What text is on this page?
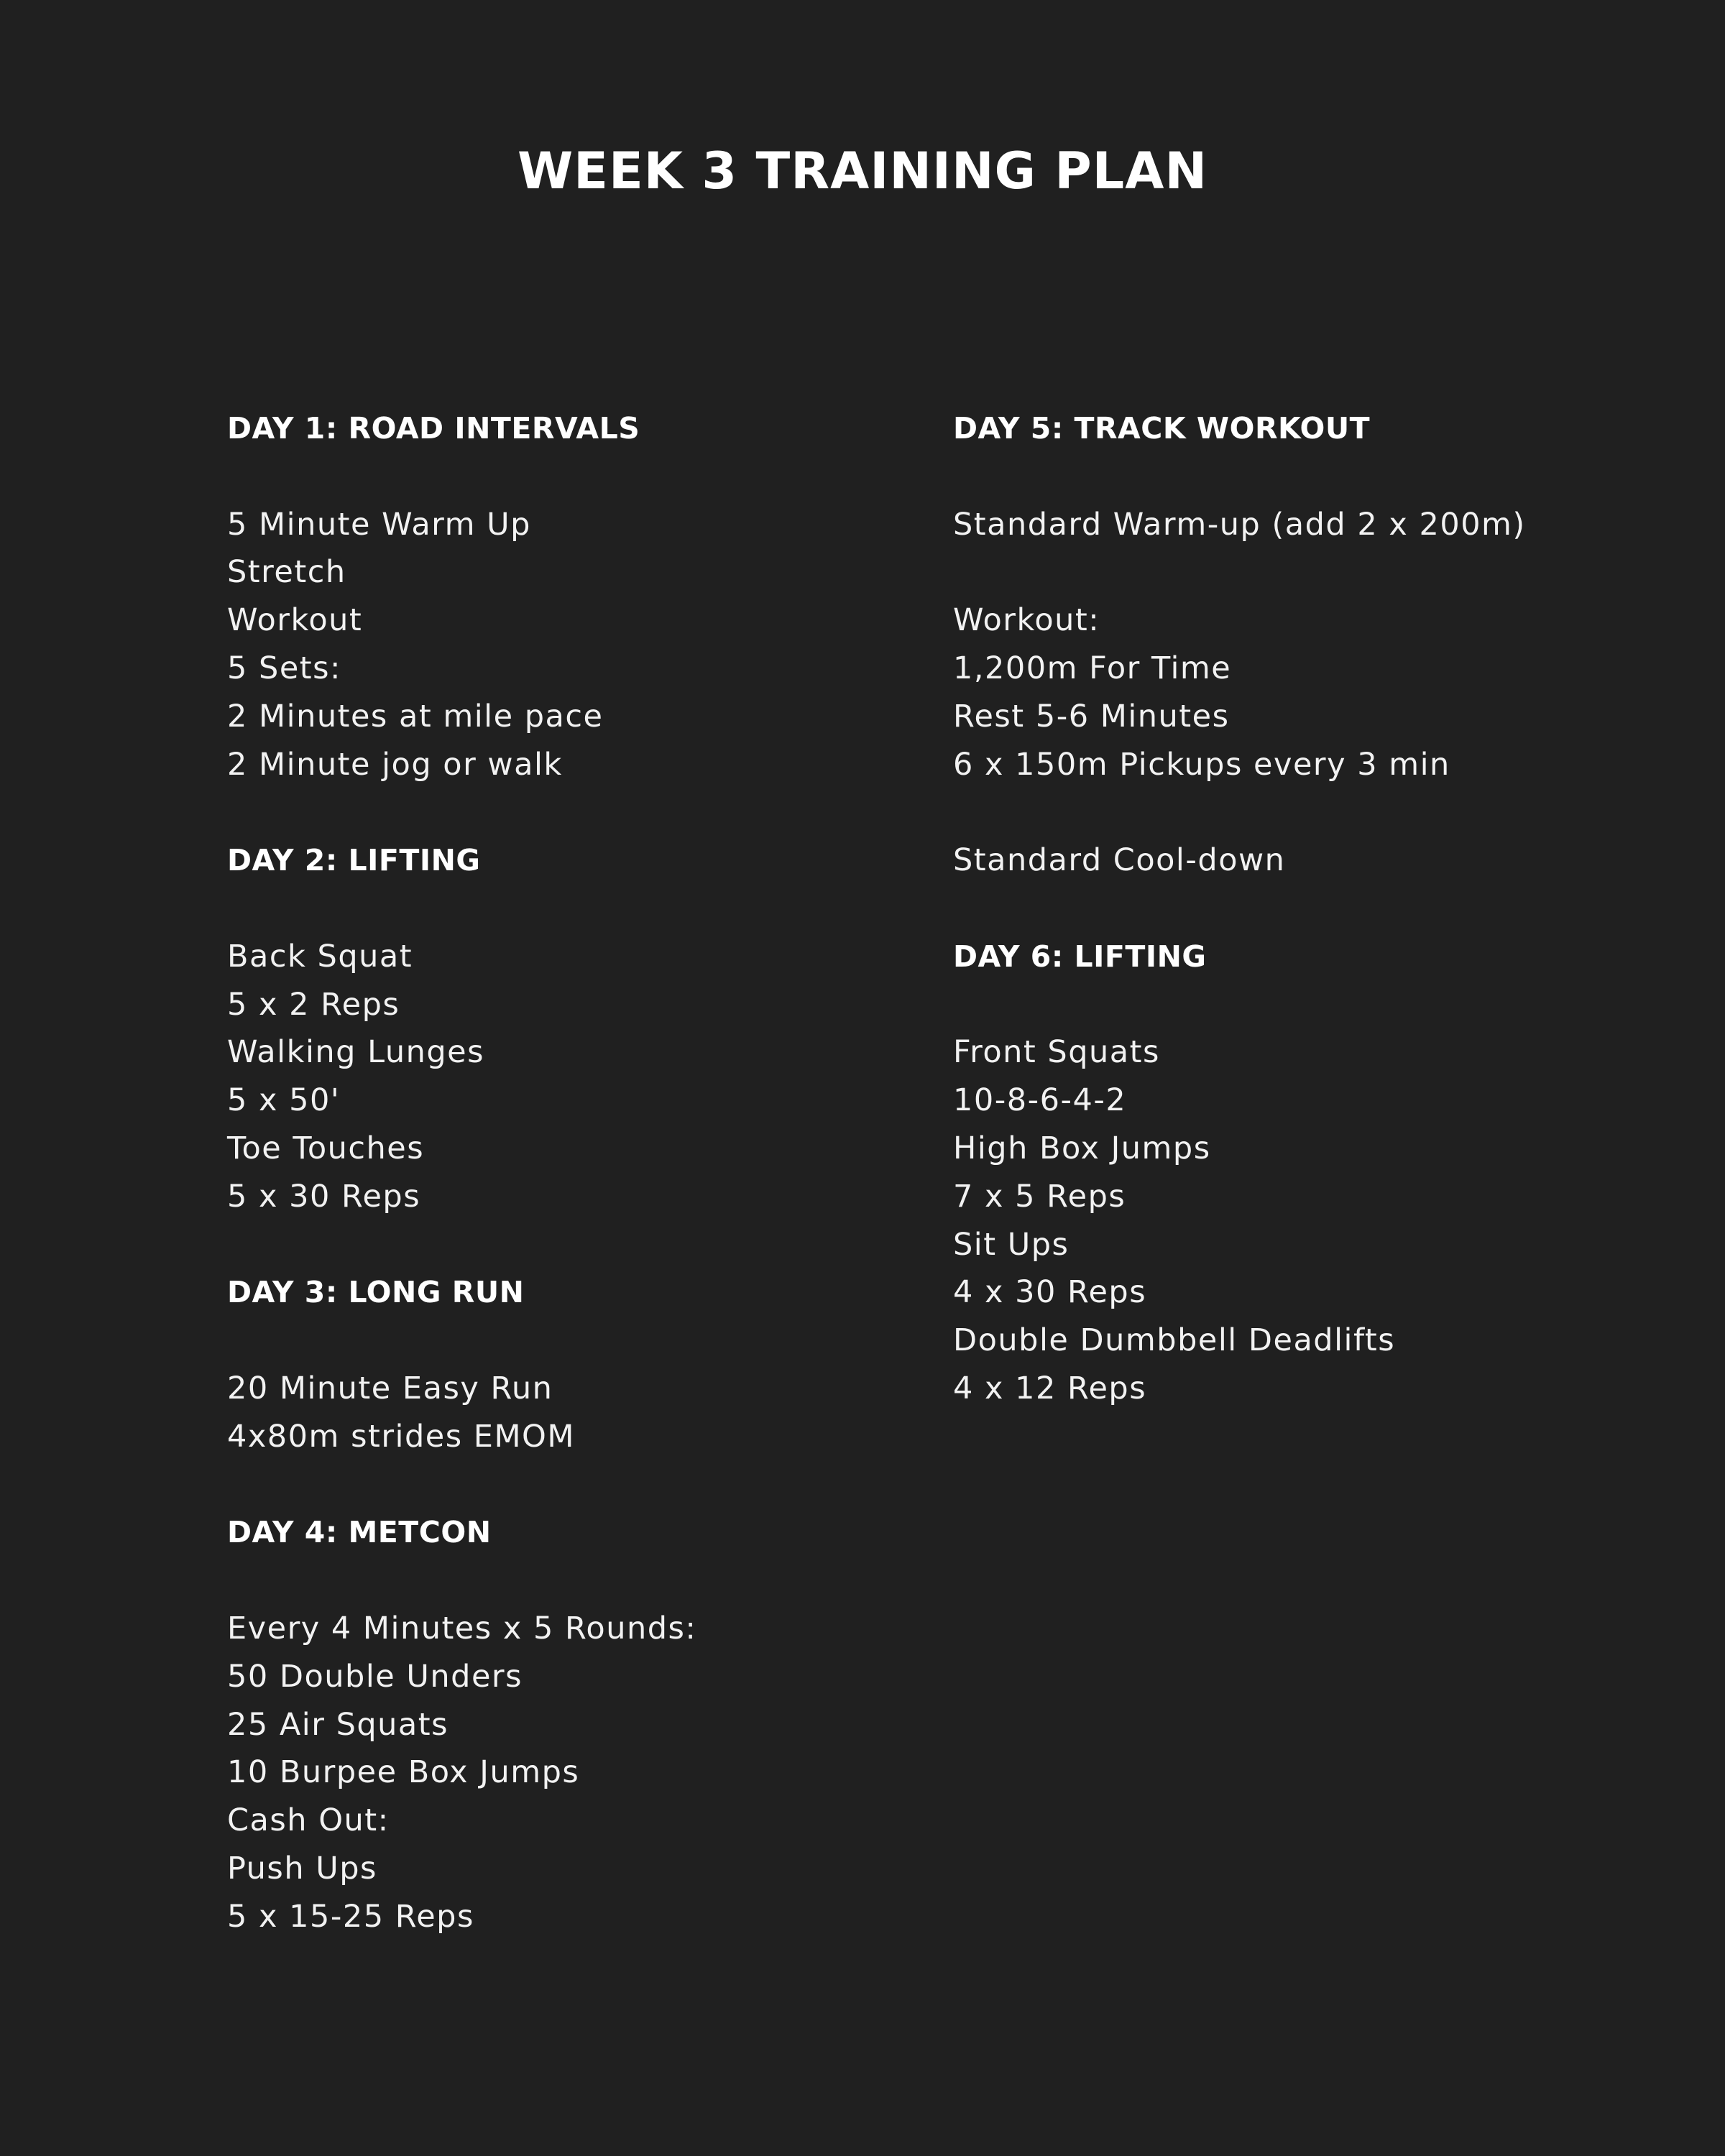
WEEK 3 TRAINING PLAN
DAY 1: ROAD INTERVALS
5 Minute Warm Up
Stretch
Workout
5 Sets:
2 Minutes at mile pace
2 Minute jog or walk
DAY 2: LIFTING
Back Squat
5 x 2 Reps
Walking Lunges
5 x 50'
Toe Touches
5 x 30 Reps
DAY 3: LONG RUN
20 Minute Easy Run
4x80m strides EMOM
DAY 4: METCON
Every 4 Minutes x 5 Rounds:
50 Double Unders
25 Air Squats
10 Burpee Box Jumps
Cash Out:
Push Ups
5 x 15-25 Reps
DAY 5: TRACK WORKOUT
Standard Warm-up (add 2 x 200m)
Workout:
1,200m For Time
Rest 5-6 Minutes
6 x 150m Pickups every 3 min
Standard Cool-down
DAY 6: LIFTING
Front Squats
10-8-6-4-2
High Box Jumps
7 x 5 Reps
Sit Ups
4 x 30 Reps
Double Dumbbell Deadlifts
4 x 12 Reps
